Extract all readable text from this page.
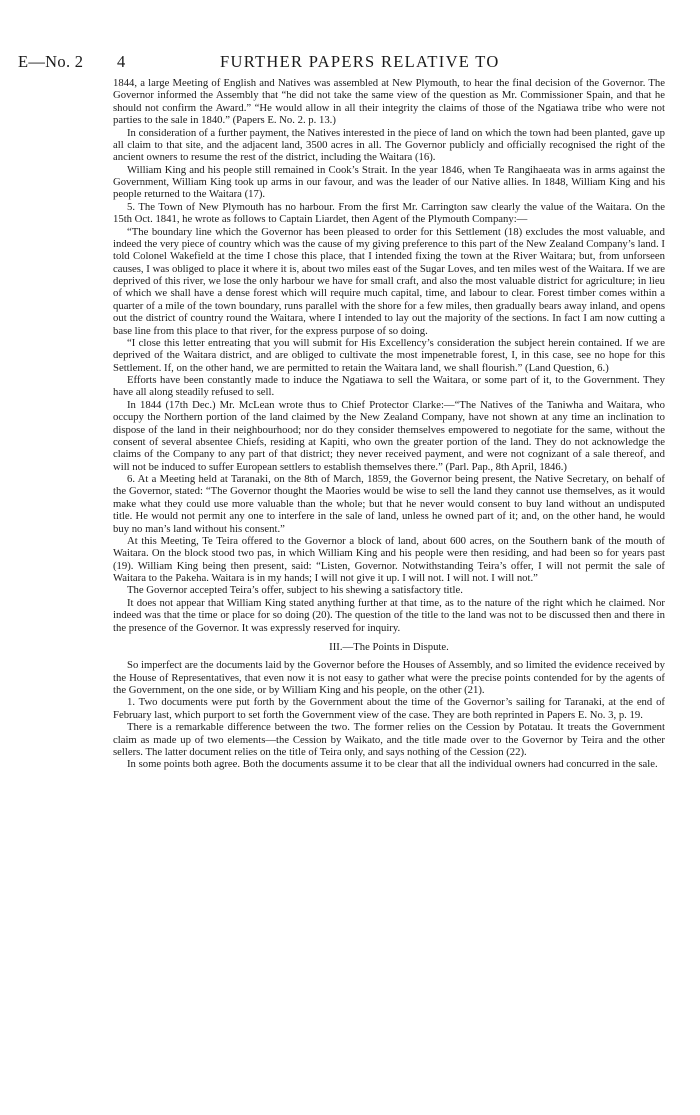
E—No. 2 4	FURTHER PAPERS RELATIVE TO

1844, a large Meeting of English and Natives was assembled at New Plymouth, to hear the final decision of the Governor. The Governor informed the Assembly that “he did not take the same view of the question as Mr. Commissioner Spain, and that he should not confirm the Award.” “He would allow in all their integrity the claims of those of the Ngatiawa tribe who were not parties to the sale in 1840.” (Papers E. No. 2. p. 13.)

In consideration of a further payment, the Natives interested in the piece of land on which the town had been planted, gave up all claim to that site, and the adjacent land, 3500 acres in all. The Governor publicly and officially recognised the right of the ancient owners to resume the rest of the district, including the Waitara (16).

William King and his people still remained in Cook’s Strait. In the year 1846, when Te Rangihaeata was in arms against the Government, William King took up arms in our favour, and was the leader of our Native allies. In 1848, William King and his people returned to the Waitara (17).

5. The Town of New Plymouth has no harbour. From the first Mr. Carrington saw clearly the value of the Waitara. On the 15th Oct. 1841, he wrote as follows to Captain Liardet, then Agent of the Plymouth Company:—

“The boundary line which the Governor has been pleased to order for this Settlement (18) excludes the most valuable, and indeed the very piece of country which was the cause of my giving preference to this part of the New Zealand Company’s land. I told Colonel Wakefield at the time I chose this place, that I intended fixing the town at the River Waitara; but, from unforseen causes, I was obliged to place it where it is, about two miles east of the Sugar Loves, and ten miles west of the Waitara. If we are deprived of this river, we lose the only harbour we have for small craft, and also the most valuable district for agriculture; in lieu of which we shall have a dense forest which will require much capital, time, and labour to clear. Forest timber comes within a quarter of a mile of the town boundary, runs parallel with the shore for a few miles, then gradually bears away inland, and opens out the district of country round the Waitara, where I intended to lay out the majority of the sections. In fact I am now cutting a base line from this place to that river, for the express purpose of so doing.

“I close this letter entreating that you will submit for His Excellency’s consideration the subject herein contained. If we are deprived of the Waitara district, and are obliged to cultivate the most impenetrable forest, I, in this case, see no hope for this Settlement. If, on the other hand, we are permitted to retain the Waitara land, we shall flourish.” (Land Question, 6.)

Efforts have been constantly made to induce the Ngatiawa to sell the Waitara, or some part of it, to the Government. They have all along steadily refused to sell.

In 1844 (17th Dec.) Mr. McLean wrote thus to Chief Protector Clarke:—“The Natives of the Taniwha and Waitara, who occupy the Northern portion of the land claimed by the New Zealand Company, have not shown at any time an inclination to dispose of the land in their neighbourhood; nor do they consider themselves empowered to negotiate for the same, without the consent of several absentee Chiefs, residing at Kapiti, who own the greater portion of the land. They do not acknowledge the claims of the Company to any part of that district; they never received payment, and were not cognizant of a sale thereof, and will not be induced to suffer European settlers to establish themselves there.” (Parl. Pap., 8th April, 1846.)

6. At a Meeting held at Taranaki, on the 8th of March, 1859, the Governor being present, the Native Secretary, on behalf of the Governor, stated: “The Governor thought the Maories would be wise to sell the land they cannot use themselves, as it would make what they could use more valuable than the whole; but that he never would consent to buy land without an undisputed title. He would not permit any one to interfere in the sale of land, unless he owned part of it; and, on the other hand, he would buy no man’s land without his consent.”

At this Meeting, Te Teira offered to the Governor a block of land, about 600 acres, on the Southern bank of the mouth of Waitara. On the block stood two pas, in which William King and his people were then residing, and had been so for years past (19). William King being then present, said: “Listen, Governor. Notwithstanding Teira’s offer, I will not permit the sale of Waitara to the Pakeha. Waitara is in my hands; I will not give it up. I will not. I will not. I will not.”

The Governor accepted Teira’s offer, subject to his shewing a satisfactory title.

It does not appear that William King stated anything further at that time, as to the nature of the right which he claimed. Nor indeed was that the time or place for so doing (20). The question of the title to the land was not to be discussed then and there in the presence of the Governor. It was expressly reserved for inquiry.

III.—The Points in Dispute.

So imperfect are the documents laid by the Governor before the Houses of Assembly, and so limited the evidence received by the House of Representatives, that even now it is not easy to gather what were the precise points contended for by the agents of the Government, on the one side, or by William King and his people, on the other (21).

1. Two documents were put forth by the Government about the time of the Governor’s sailing for Taranaki, at the end of February last, which purport to set forth the Government view of the case. They are both reprinted in Papers E. No. 3, p. 19.

There is a remarkable difference between the two. The former relies on the Cession by Potatau. It treats the Government claim as made up of two elements—the Cession by Waikato, and the title made over to the Governor by Teira and the other sellers. The latter document relies on the title of Teira only, and says nothing of the Cession (22).

In some points both agree. Both the documents assume it to be clear that all the individual owners had concurred in the sale.
